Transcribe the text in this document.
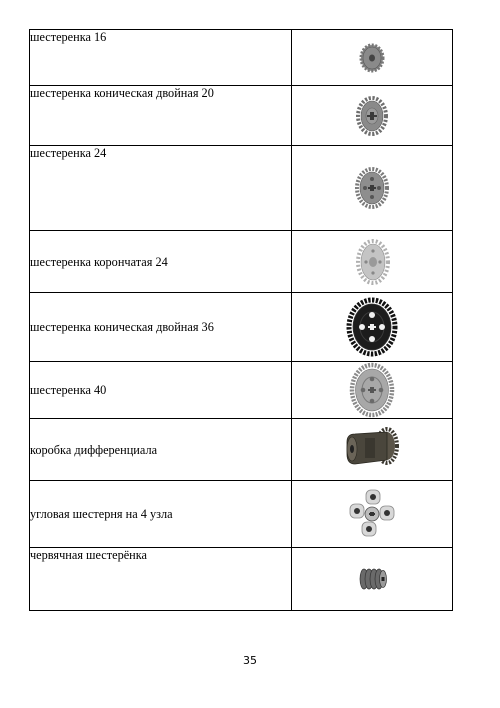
шестеренка 16	

шестеренка коническая двойная 20	

шестеренка 24	

шестеренка корончатая 24	

шестеренка коническая двойная 36	

шестеренка 40	

коробка дифференциала	

угловая шестерня на 4 узла	

червячная шестерёнка	
35
